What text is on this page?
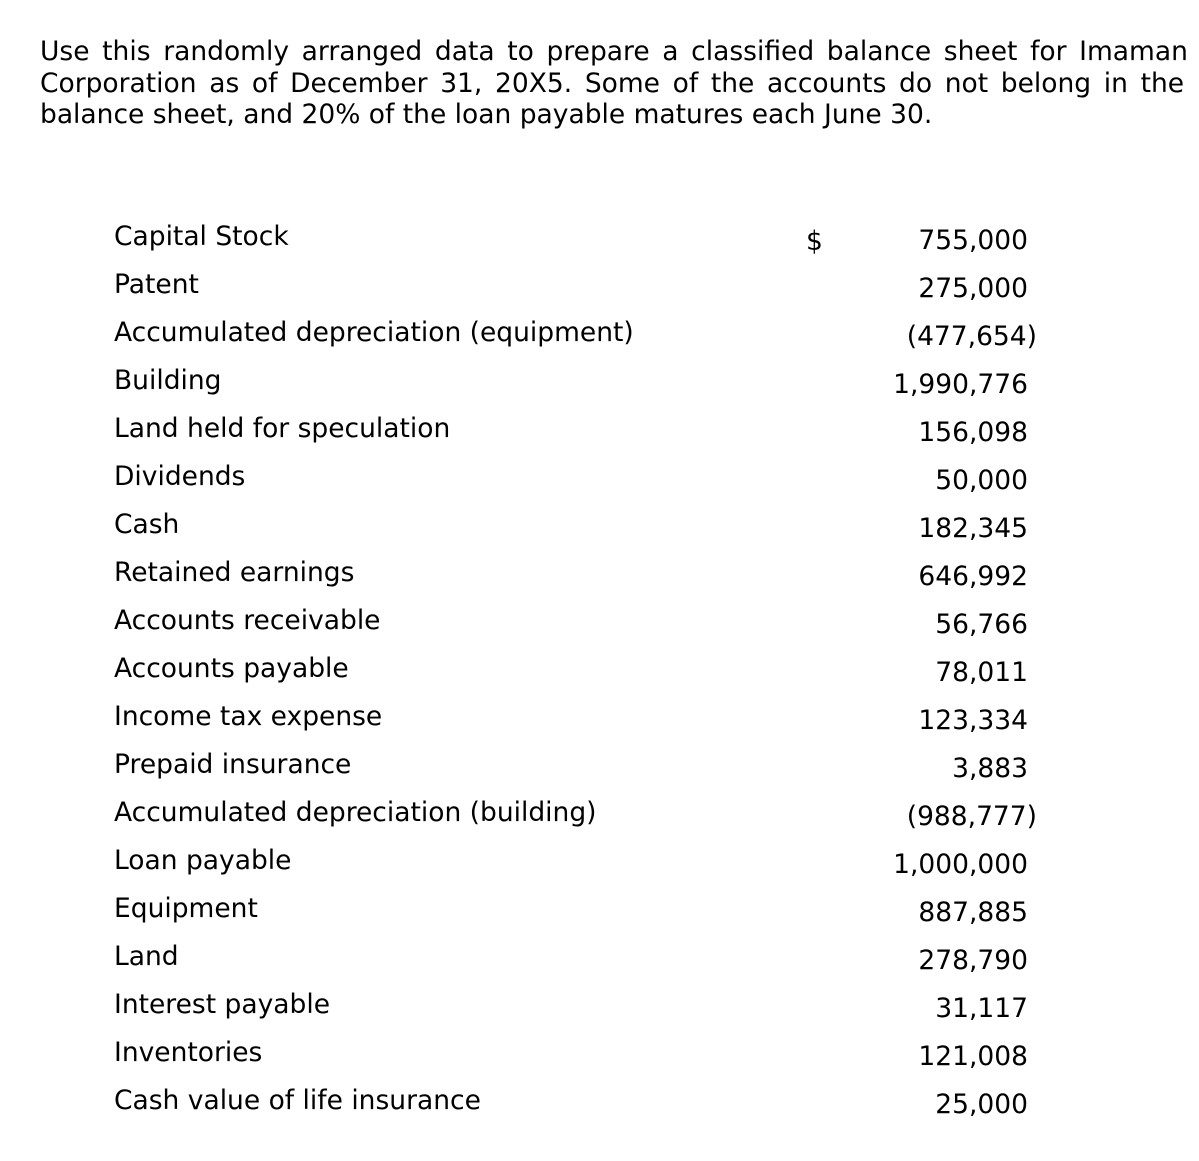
Use this randomly arranged data to prepare a classified balance sheet for Imaman
Corporation as of December 31, 20X5. Some of the accounts do not belong in the
balance sheet, and 20% of the loan payable matures each June 30.
Capital Stock	$	755,000
Patent	275,000
Accumulated depreciation (equipment)	(477,654)
Building	1,990,776
Land held for speculation	156,098
Dividends	50,000
Cash	182,345
Retained earnings	646,992
Accounts receivable	56,766
Accounts payable	78,011
Income tax expense	123,334
Prepaid insurance	3,883
Accumulated depreciation (building)	(988,777)
Loan payable	1,000,000
Equipment	887,885
Land	278,790
Interest payable	31,117
Inventories	121,008
Cash value of life insurance	25,000
